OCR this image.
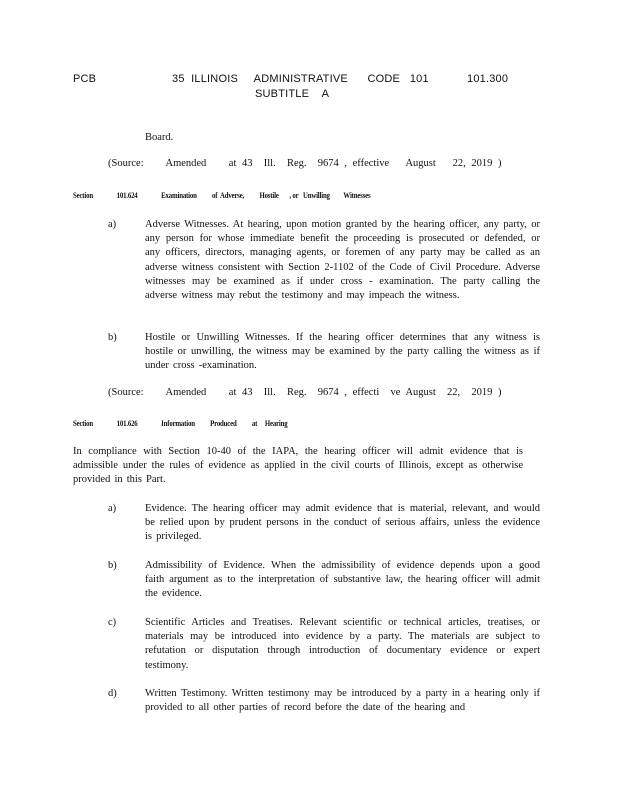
PCB	35  ILLINOIS     ADMINISTRATIVE      CODE   101
SUBTITLE    A
101.300
Board.
(Source:    Amended    at 43  Ill.  Reg.  9674 , effective   August   22, 2019 )
Section	101.624	Examination          of  Adverse,          Hostile       , or   Unwilling         Witnesses
a)	Adverse Witnesses. At hearing, upon motion granted by the hearing officer, any party, or any person for whose immediate benefit the proceeding is prosecuted or defended, or any officers, directors, managing agents, or foremen of any party may be called as an adverse witness consistent with Section 2-1102 of the Code of Civil Procedure. Adverse witnesses may be examined as if under cross - examination. The party calling the adverse witness may rebut the testimony and may impeach the witness.
b)	Hostile or Unwilling Witnesses. If the hearing officer determines that any witness is hostile or unwilling, the witness may be examined by the party calling the witness as if under cross -examination.
(Source:    Amended    at 43  Ill.  Reg.  9674 , effecti  ve August  22,  2019 )
Section	101.626	Information          Produced          at     Hearing
In compliance with Section 10-40 of the IAPA, the hearing officer will admit evidence that is admissible under the rules of evidence as applied in the civil courts of Illinois, except as otherwise provided in this Part.
a)	Evidence. The hearing officer may admit evidence that is material, relevant, and would be relied upon by prudent persons in the conduct of serious affairs, unless the evidence is privileged.
b)	Admissibility of Evidence. When the admissibility of evidence depends upon a good faith argument as to the interpretation of substantive law, the hearing officer will admit the evidence.
c)	Scientific Articles and Treatises. Relevant scientific or technical articles, treatises, or materials may be introduced into evidence by a party. The materials are subject to refutation or disputation through introduction of documentary evidence or expert testimony.
d)	Written Testimony. Written testimony may be introduced by a party in a hearing only if provided to all other parties of record before the date of the hearing and
